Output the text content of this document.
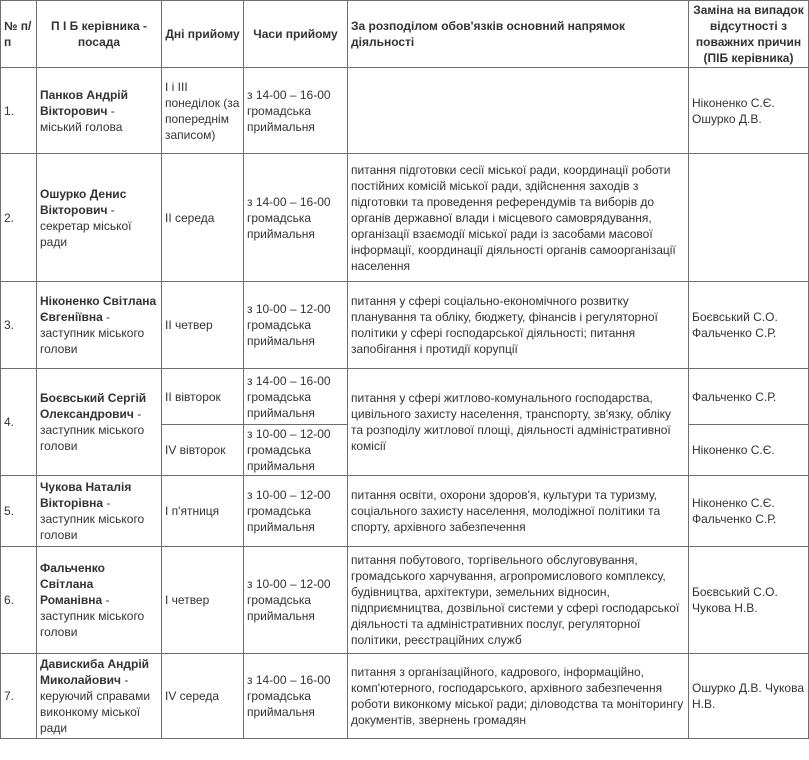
№ п/п	П І Б керівника - посада	Дні прийому	Часи прийому	За розподілом обов'язків основний напрямок діяльності	Заміна на випадок відсутності з поважних причин (ПІБ керівника)
1.	Панков Андрій Вікторович - міський голова	І і ІІІ понеділок (за попереднім записом)	з 14-00 – 16-00 громадська приймальня		Ніконенко С.Є. Ошурко Д.В.
2.	Ошурко Денис Вікторович - секретар міської ради	ІІ середа	з 14-00 – 16-00 громадська приймальня	питання підготовки сесії міської ради, координації роботи постійних комісій міської ради, здійснення заходів з підготовки та проведення референдумів та виборів до органів державної влади і місцевого самоврядування, організації взаємодії міської ради із засобами масової інформації, координації діяльності органів самоорганізації населення	
3.	Ніконенко Світлана Євгеніївна - заступник міського голови	ІІ четвер	з 10-00 – 12-00 громадська приймальня	питання у сфері соціально-економічного розвитку планування та обліку, бюджету, фінансів і регуляторної політики у сфері господарської діяльності; питання запобігання і протидії корупції	Боєвський С.О. Фальченко С.Р.
4.	Боєвський Сергій Олександрович - заступник міського голови	ІІ вівторок	з 14-00 – 16-00 громадська приймальня	питання у сфері житлово-комунального господарства, цивільного захисту населення, транспорту, зв'язку, обліку та розподілу житлової площі, діяльності адміністративної комісії	Фальченко С.Р.
		ІV вівторок	з 10-00 – 12-00 громадська приймальня		Ніконенко С.Є.
5.	Чукова Наталія Вікторівна - заступник міського голови	І п'ятниця	з 10-00 – 12-00 громадська приймальня	питання освіти, охорони здоров'я, культури та туризму, соціального захисту населення, молодіжної політики та спорту, архівного забезпечення	Ніконенко С.Є. Фальченко С.Р.
6.	Фальченко Світлана Романівна - заступник міського голови	І четвер	з 10-00 – 12-00 громадська приймальня	питання побутового, торгівельного обслуговування, громадського харчування, агропромислового комплексу, будівництва, архітектури, земельних відносин, підприємництва, дозвільної системи у сфері господарської діяльності та адміністративних послуг, регуляторної політики, реєстраційних служб	Боєвський С.О. Чукова Н.В.
7.	Давискиба Андрій Миколайович - керуючий справами виконкому міської ради	ІV середа	з 14-00 – 16-00 громадська приймальня	питання з організаційного, кадрового, інформаційно, комп'ютерного, господарського, архівного забезпечення роботи виконкому міської ради; діловодства та моніторингу документів, звернень громадян	Ошурко Д.В. Чукова Н.В.
